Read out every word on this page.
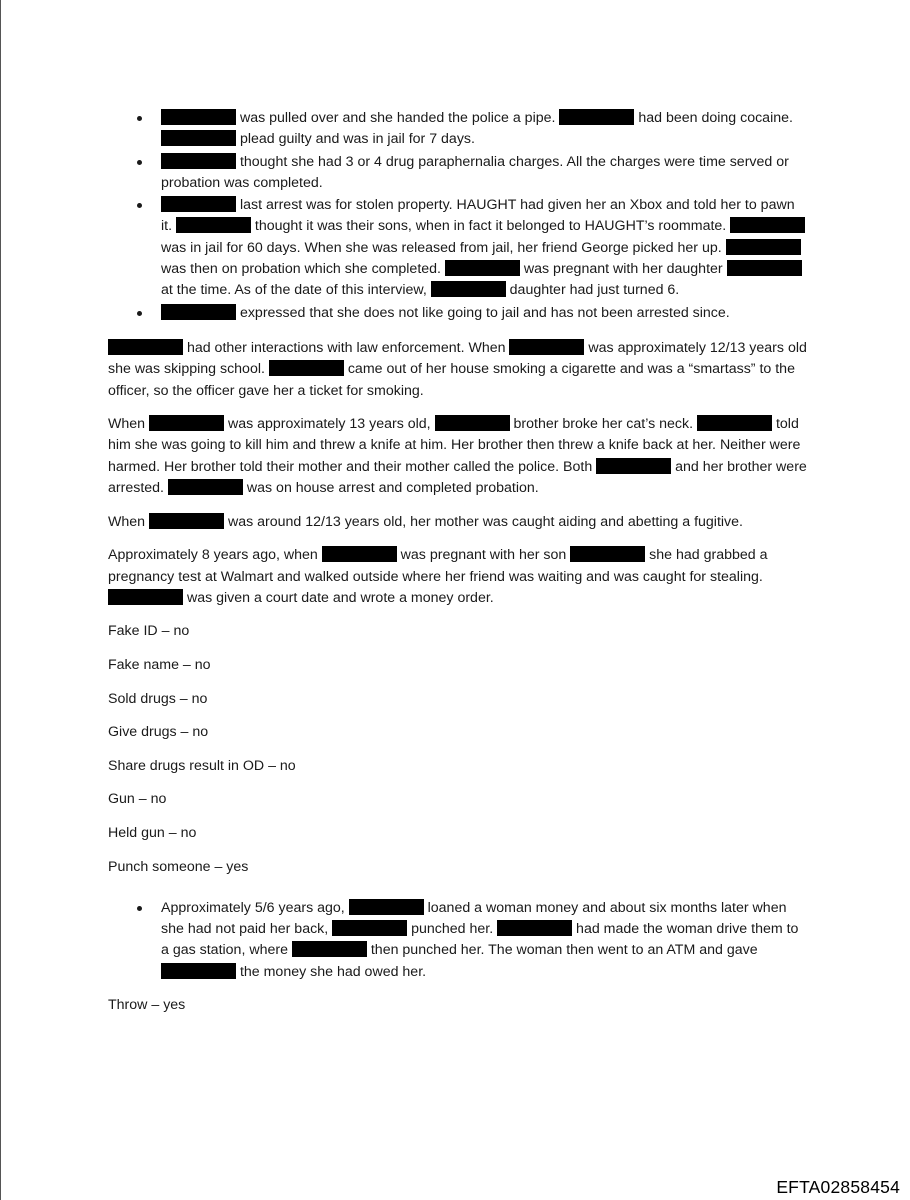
was pulled over and she handed the police a pipe.	had been doing cocaine.  plead guilty and was in jail for 7 days.
thought she had 3 or 4 drug paraphernalia charges. All the charges were time served or probation was completed.
last arrest was for stolen property. HAUGHT had given her an Xbox and told her to pawn it.	thought it was their sons, when in fact it belonged to HAUGHT’s roommate.  was in jail for 60 days. When she was released from jail, her friend George picked her up.  was then on probation which she completed.	was pregnant with her daughter  at the time. As of the date of this interview,	daughter had just turned 6.
expressed that she does not like going to jail and has not been arrested since.

had other interactions with law enforcement. When	was approximately 12/13 years old she was skipping school.	came out of her house smoking a cigarette and was a “smartass” to the officer, so the officer gave her a ticket for smoking.

When	was approximately 13 years old,	brother broke her cat’s neck.	told him she was going to kill him and threw a knife at him. Her brother then threw a knife back at her. Neither were harmed. Her brother told their mother and their mother called the police. Both	and her brother were arrested.	was on house arrest and completed probation.

When	was around 12/13 years old, her mother was caught aiding and abetting a fugitive.

Approximately 8 years ago, when	was pregnant with her son	she had grabbed a pregnancy test at Walmart and walked outside where her friend was waiting and was caught for stealing.  was given a court date and wrote a money order.

Fake ID – no

Fake name – no

Sold drugs – no

Give drugs – no

Share drugs result in OD – no

Gun – no

Held gun – no

Punch someone – yes

Approximately 5/6 years ago,	loaned a woman money and about six months later when she had not paid her back,	punched her.	had made the woman drive them to a gas station, where	then punched her. The woman then went to an ATM and gave  the money she had owed her.

Throw – yes

EFTA02858454
